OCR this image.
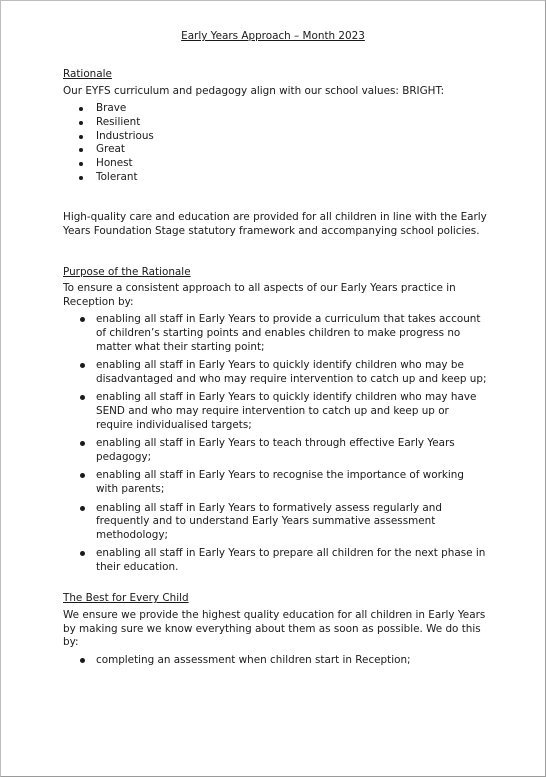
Early Years Approach – Month 2023
Rationale

Our EYFS curriculum and pedagogy align with our school values: BRIGHT:

Brave
Resilient
Industrious
Great
Honest
Tolerant

High-quality care and education are provided for all children in line with the Early Years Foundation Stage statutory framework and accompanying school policies.

Purpose of the Rationale

To ensure a consistent approach to all aspects of our Early Years practice in Reception by:

enabling all staff in Early Years to provide a curriculum that takes account of children’s starting points and enables children to make progress no matter what their starting point;
enabling all staff in Early Years to quickly identify children who may be disadvantaged and who may require intervention to catch up and keep up;
enabling all staff in Early Years to quickly identify children who may have SEND and who may require intervention to catch up and keep up or require individualised targets;
enabling all staff in Early Years to teach through effective Early Years pedagogy;
enabling all staff in Early Years to recognise the importance of working with parents;
enabling all staff in Early Years to formatively assess regularly and frequently and to understand Early Years summative assessment methodology;
enabling all staff in Early Years to prepare all children for the next phase in their education.
The Best for Every Child

We ensure we provide the highest quality education for all children in Early Years by making sure we know everything about them as soon as possible. We do this by:

completing an assessment when children start in Reception;
